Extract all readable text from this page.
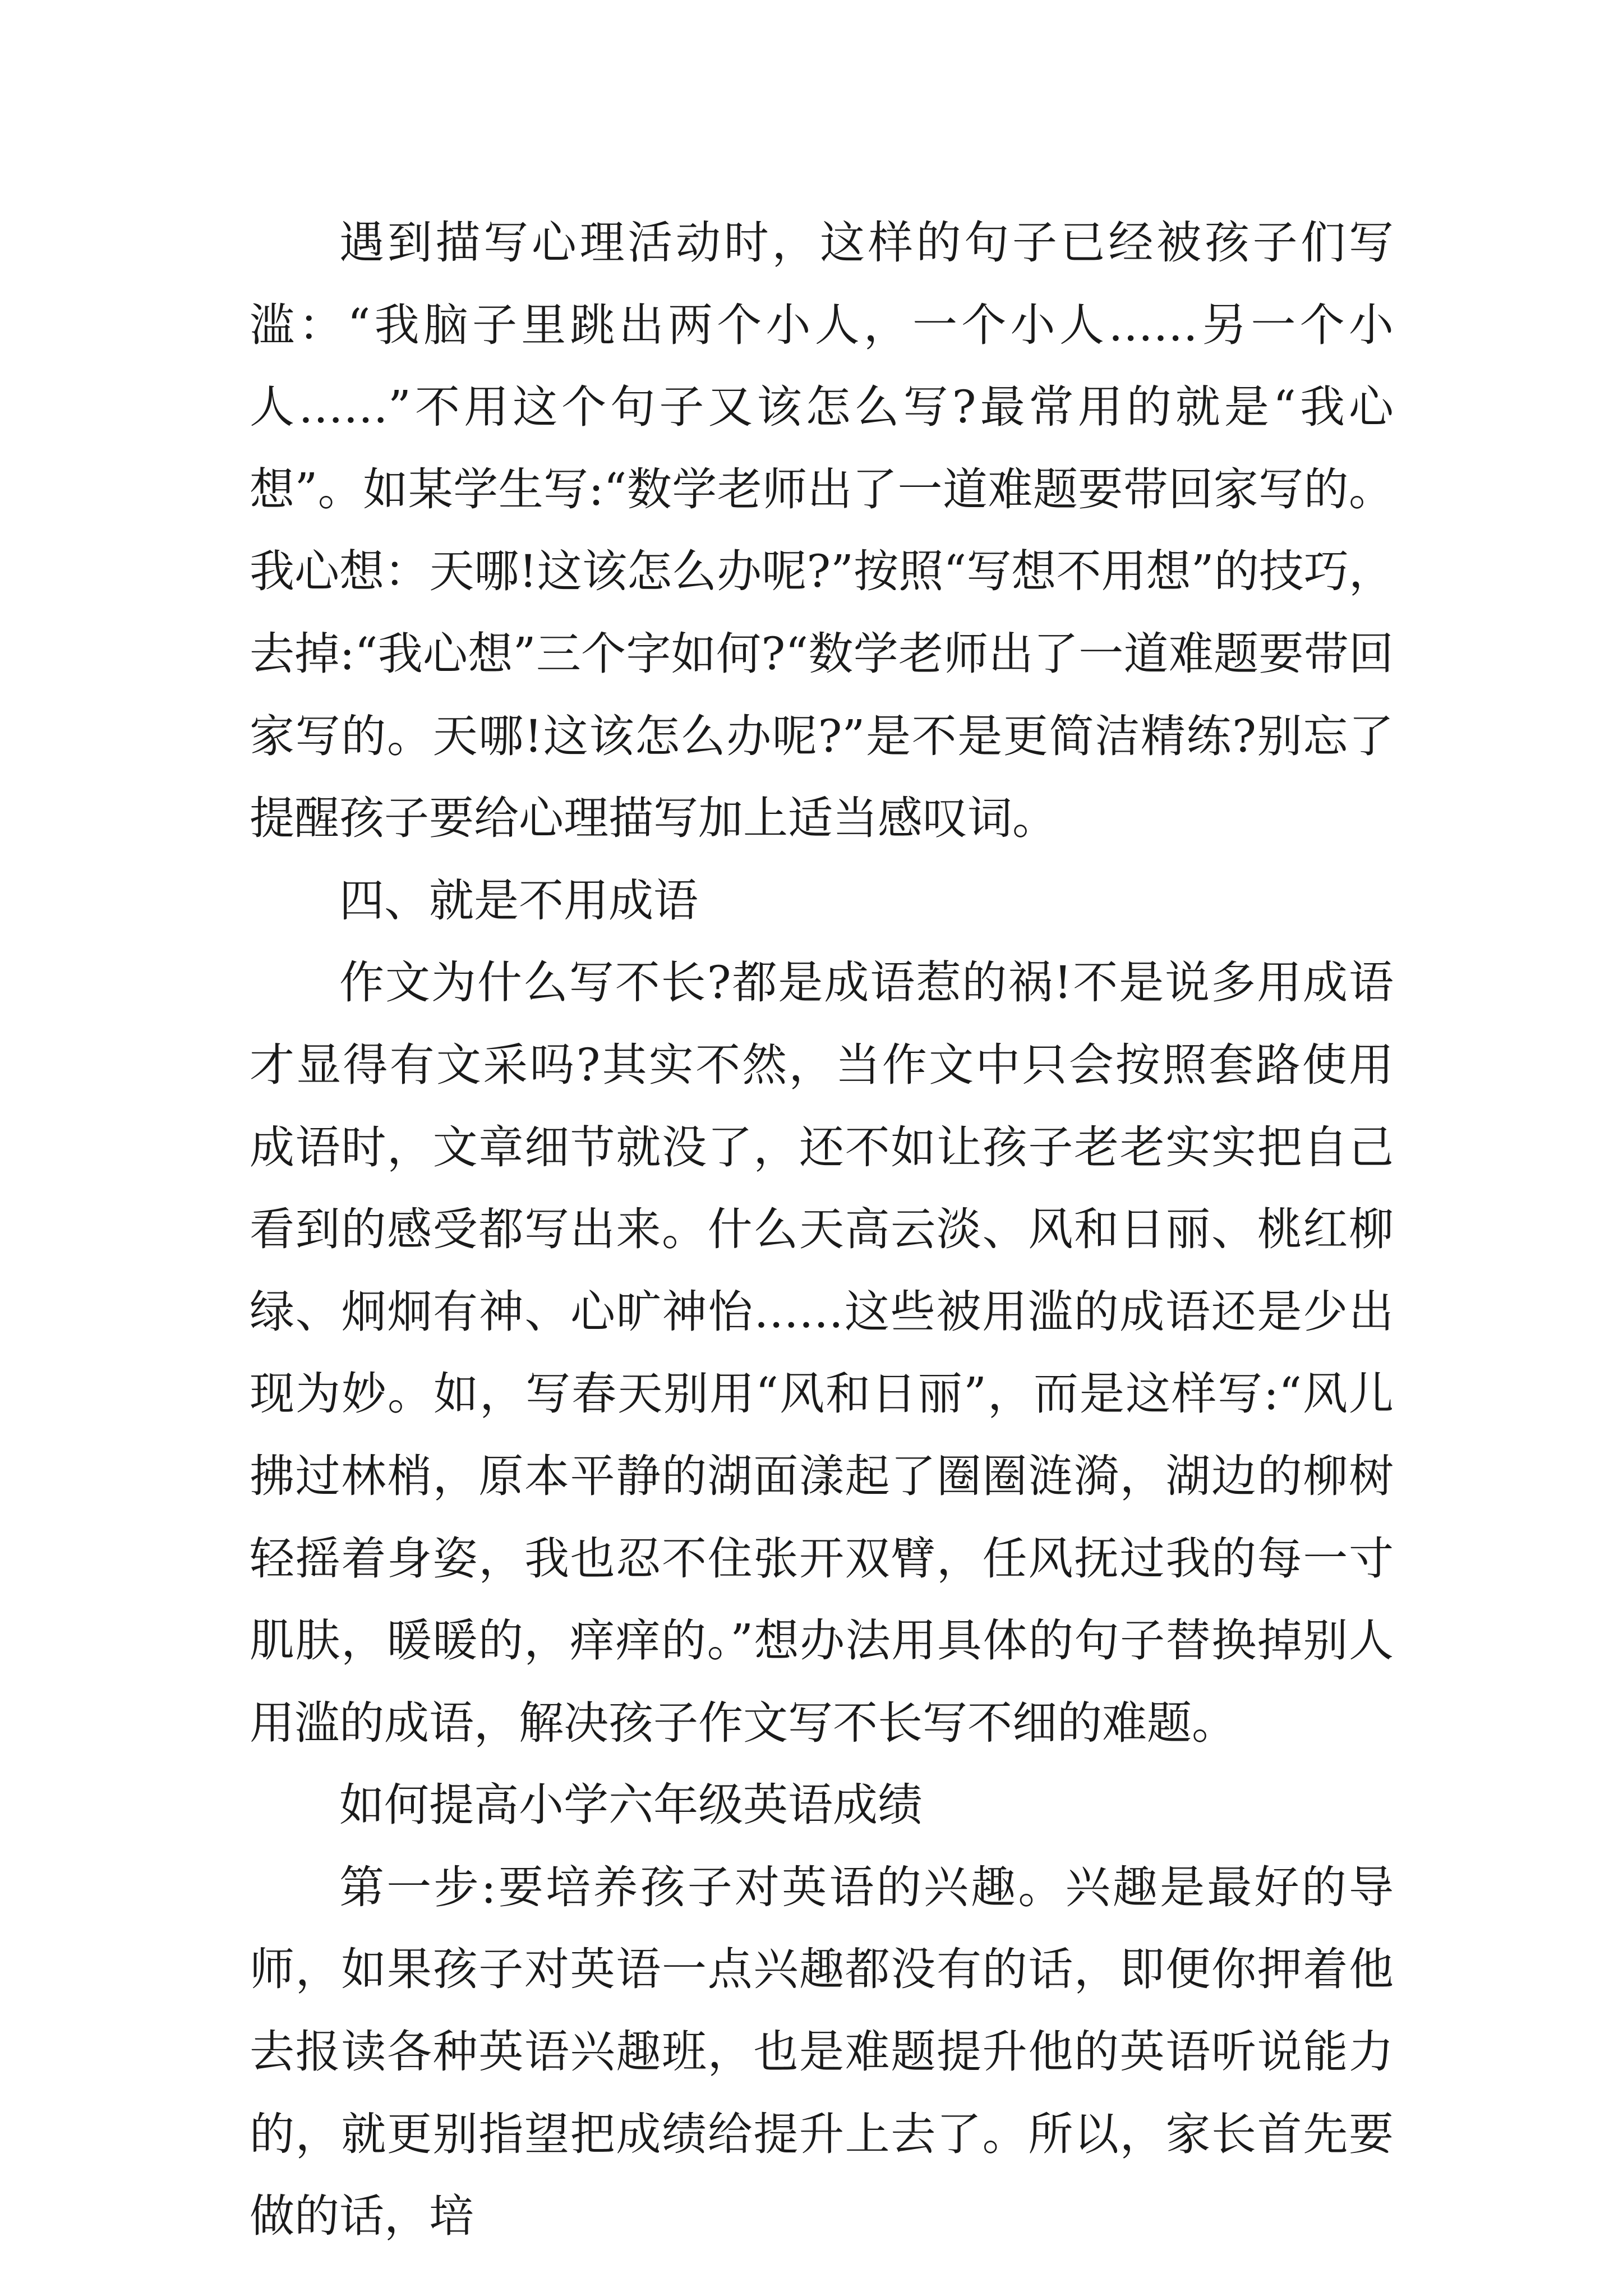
遇到描写心理活动时，这样的句子已经被孩子们写滥：“我脑子里跳出两个小人，一个小人……另一个小人……”不用这个句子又该怎么写?最常用的就是“我心想”。如某学生写:“数学老师出了一道难题要带回家写的。我心想：天哪!这该怎么办呢?”按照“写想不用想”的技巧，去掉:“我心想”三个字如何?“数学老师出了一道难题要带回家写的。天哪!这该怎么办呢?”是不是更简洁精练?别忘了提醒孩子要给心理描写加上适当感叹词。

四、就是不用成语

作文为什么写不长?都是成语惹的祸!不是说多用成语才显得有文采吗?其实不然，当作文中只会按照套路使用成语时，文章细节就没了，还不如让孩子老老实实把自己看到的感受都写出来。什么天高云淡、风和日丽、桃红柳绿、炯炯有神、心旷神怡……这些被用滥的成语还是少出现为妙。如，写春天别用“风和日丽”，而是这样写:“风儿拂过林梢，原本平静的湖面漾起了圈圈涟漪，湖边的柳树轻摇着身姿，我也忍不住张开双臂，任风抚过我的每一寸肌肤，暖暖的，痒痒的。”想办法用具体的句子替换掉别人用滥的成语，解决孩子作文写不长写不细的难题。

如何提高小学六年级英语成绩

第一步:要培养孩子对英语的兴趣。兴趣是最好的导师，如果孩子对英语一点兴趣都没有的话，即便你押着他去报读各种英语兴趣班，也是难题提升他的英语听说能力的，就更别指望把成绩给提升上去了。所以，家长首先要做的话，培
